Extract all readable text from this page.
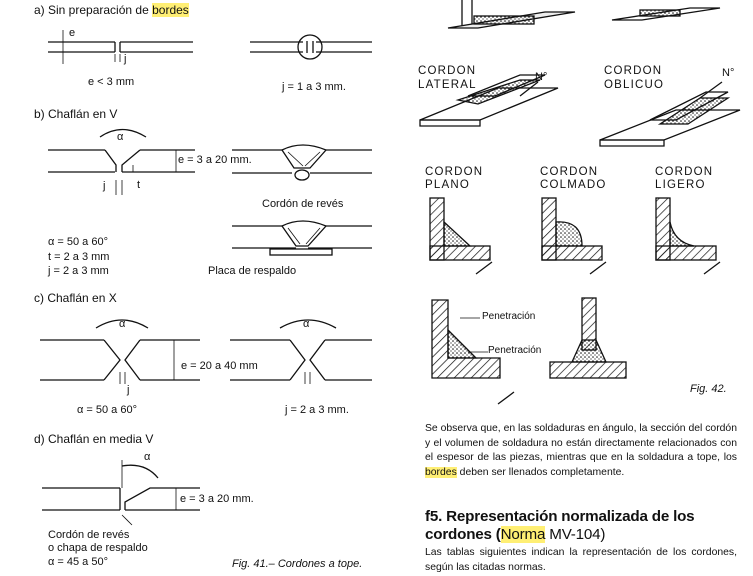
a) Sin preparación de bordes
e
j
e < 3 mm	j = 1 a 3 mm.
b) Chaflán en V
α
e = 3 a 20 mm.
t
j
Cordón de revés
α = 50 a 60°
t = 2 a 3 mm
j = 2 a 3 mm	Placa de respaldo
c) Chaflán en X
α	α
e = 20 a 40 mm
j
α = 50 a 60°	j = 2 a 3 mm.
d) Chaflán en media V
α
e = 3 a 20 mm.
Cordón de revés
o chapa de respaldo
α = 45 a 50°	Fig. 41.– Cordones a tope.
CORDON
LATERAL
CORDON
OBLICUO
N°	N°
CORDON
PLANO
CORDON
COLMADO
CORDON
LIGERO
Penetración
Penetración
Fig. 42.
Se observa que, en las soldaduras en ángulo, la sección del cordón y el volumen de soldadura no están directamente relacionados con el espesor de las piezas, mientras que en la soldadura a tope, los bordes deben ser llenados completamente.
f5. Representación normalizada de los cordones (Norma MV-104)
Las tablas siguientes indican la representación de los cordones, según las citadas normas.
